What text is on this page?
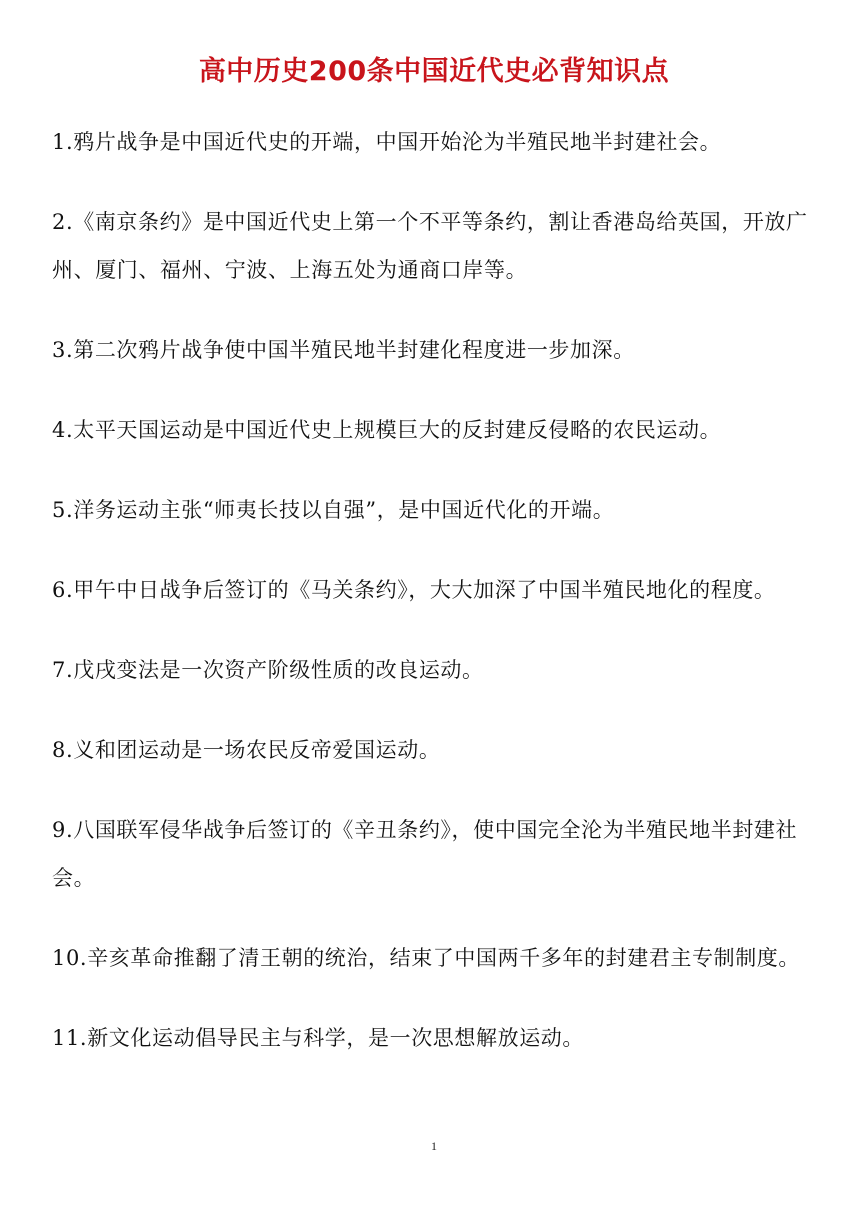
高中历史200条中国近代史必背知识点

1.鸦片战争是中国近代史的开端，中国开始沦为半殖民地半封建社会。

2.《南京条约》是中国近代史上第一个不平等条约，割让香港岛给英国，开放广州、厦门、福州、宁波、上海五处为通商口岸等。

3.第二次鸦片战争使中国半殖民地半封建化程度进一步加深。

4.太平天国运动是中国近代史上规模巨大的反封建反侵略的农民运动。

5.洋务运动主张“师夷长技以自强”，是中国近代化的开端。

6.甲午中日战争后签订的《马关条约》，大大加深了中国半殖民地化的程度。

7.戊戌变法是一次资产阶级性质的改良运动。

8.义和团运动是一场农民反帝爱国运动。

9.八国联军侵华战争后签订的《辛丑条约》，使中国完全沦为半殖民地半封建社会。

10.辛亥革命推翻了清王朝的统治，结束了中国两千多年的封建君主专制制度。

11.新文化运动倡导民主与科学，是一次思想解放运动。

1
